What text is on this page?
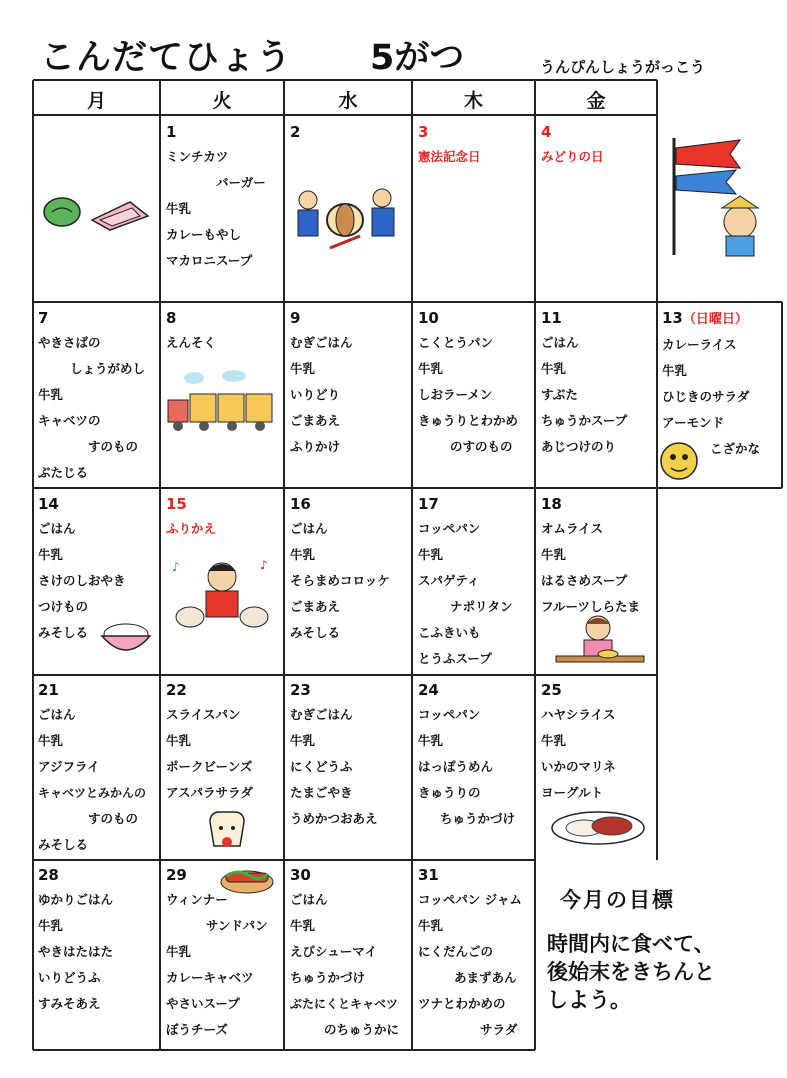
こんだてひょう 5がつ	うんぴんしょうがっこう
月	火	水	木	金
1
ミンチカツ
バーガー
牛乳
カレーもやし
マカロニスープ
2	3
憲法記念日
4
みどりの日
7
やきさばの
しょうがめし
牛乳
キャベツの
すのもの
ぶたじる
8
えんそく
9
むぎごはん
牛乳
いりどり
ごまあえ
ふりかけ
10
こくとうパン
牛乳
しおラーメン
きゅうりとわかめ
のすのもの
11
ごはん
牛乳
すぶた
ちゅうかスープ
あじつけのり
13（日曜日）
カレーライス
牛乳
ひじきのサラダ
アーモンド
こざかな
14
ごはん
牛乳
さけのしおやき
つけもの
みそしる
15
ふりかえ
16
ごはん
牛乳
そらまめコロッケ
ごまあえ
みそしる
17
コッペパン
牛乳
スパゲティ
ナポリタン
こふきいも
とうふスープ
18
オムライス
牛乳
はるさめスープ
フルーツしらたま
21
ごはん
牛乳
アジフライ
キャベツとみかんの
すのもの
みそしる
22
スライスパン
牛乳
ポークビーンズ
アスパラサラダ
23
むぎごはん
牛乳
にくどうふ
たまごやき
うめかつおあえ
24
コッペパン
牛乳
はっぽうめん
きゅうりの
ちゅうかづけ
25
ハヤシライス
牛乳
いかのマリネ
ヨーグルト
28
ゆかりごはん
牛乳
やきはたはた
いりどうふ
すみそあえ
29
ウィンナー
サンドパン
牛乳
カレーキャベツ
やさいスープ
ぼうチーズ
30
ごはん
牛乳
えびシューマイ
ちゅうかづけ
ぶたにくとキャベツ
のちゅうかに
31
コッペパン ジャム
牛乳
にくだんごの
あまずあん
ツナとわかめの
サラダ
今月の目標
時間内に食べて、
後始末をきちんと
しよう。
♪	♪
